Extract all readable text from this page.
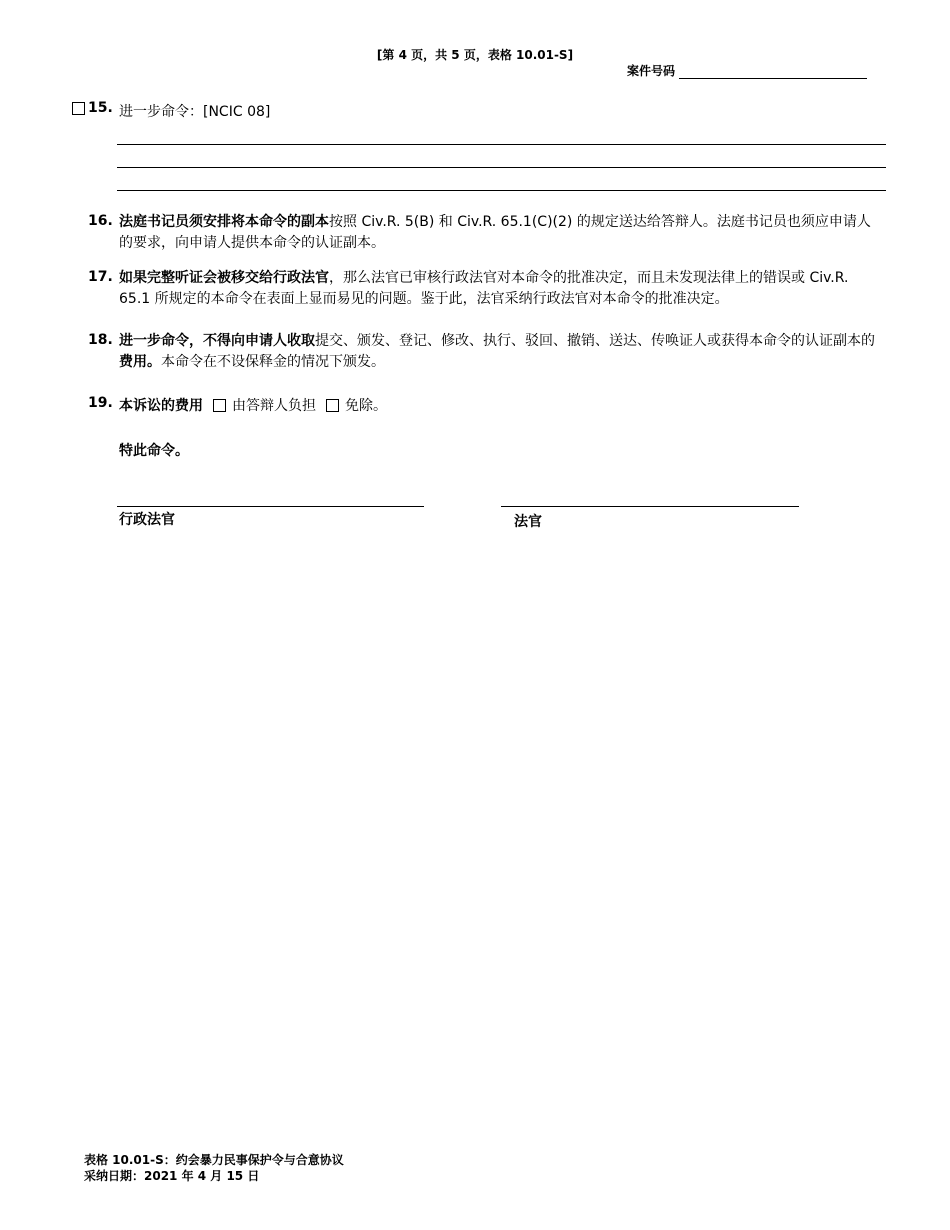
[第 4 页，共 5 页，表格 10.01-S]
案件号码
15. 进一步命令：[NCIC 08]
16. 法庭书记员须安排将本命令的副本按照 Civ.R. 5(B) 和 Civ.R. 65.1(C)(2) 的规定送达给答辩人。法庭书记员也须应申请人的要求，向申请人提供本命令的认证副本。
17. 如果完整听证会被移交给行政法官，那么法官已审核行政法官对本命令的批准决定，而且未发现法律上的错误或 Civ.R. 65.1 所规定的本命令在表面上显而易见的问题。鉴于此，法官采纳行政法官对本命令的批准决定。
18. 进一步命令，不得向申请人收取提交、颁发、登记、修改、执行、驳回、撤销、送达、传唤证人或获得本命令的认证副本的费用。本命令在不设保释金的情况下颁发。
19. 本诉讼的费用 由答辩人负担 免除。
特此命令。
行政法官	法官
表格 10.01-S：约会暴力民事保护令与合意协议
采纳日期：2021 年 4 月 15 日
